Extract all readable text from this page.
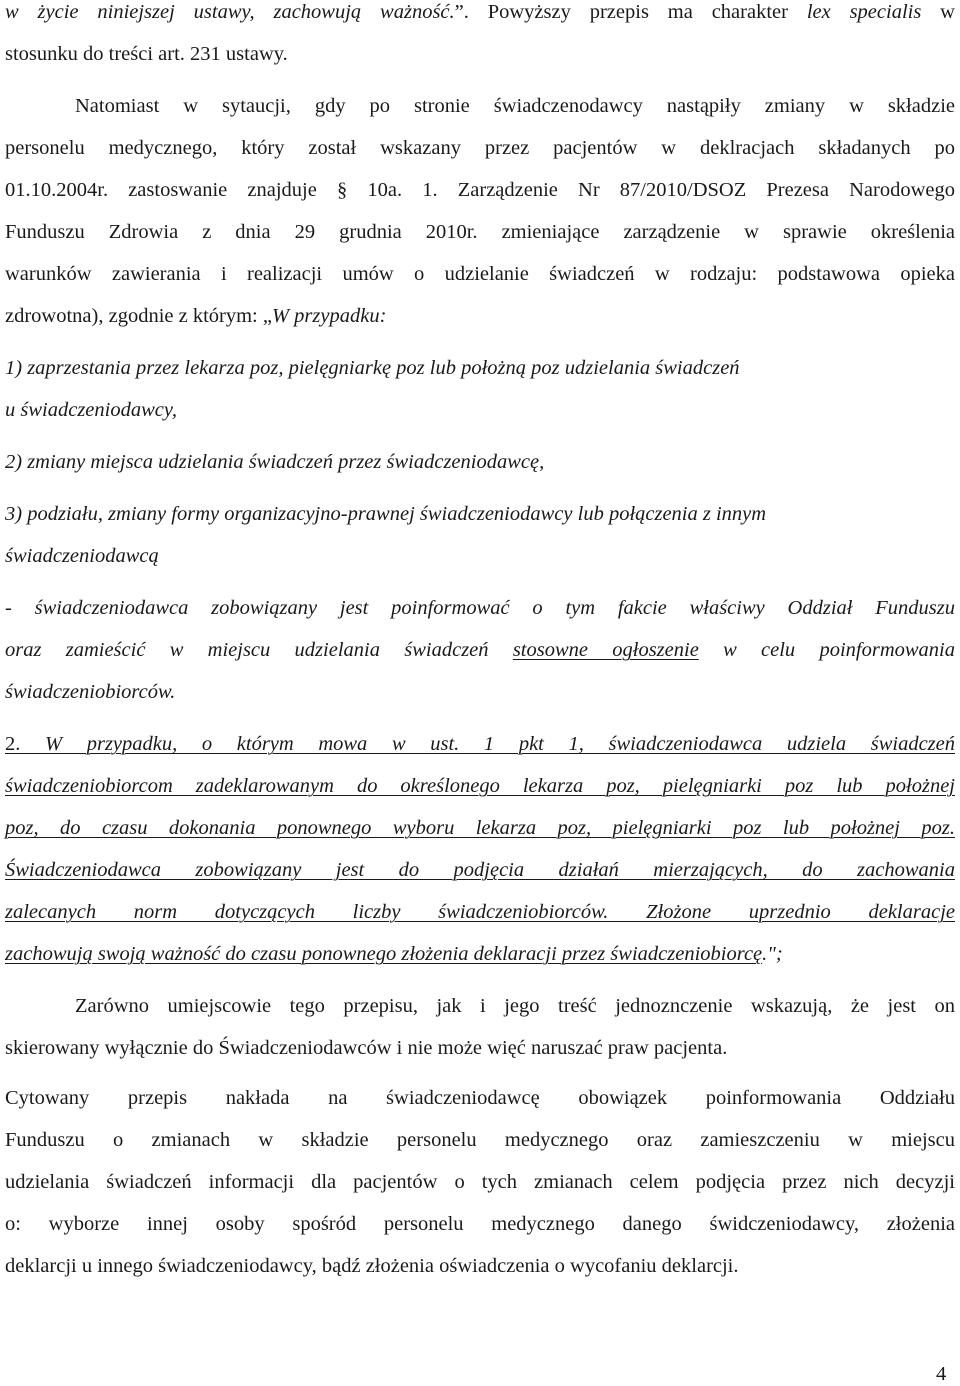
w życie niniejszej ustawy, zachowują ważność.”. Powyższy przepis ma charakter lex specialis w
stosunku do treści art. 231 ustawy.
Natomiast w sytaucji, gdy po stronie świadczenodawcy nastąpiły zmiany w składzie
personelu medycznego, który został wskazany przez pacjentów w deklracjach składanych po
01.10.2004r. zastoswanie znajduje § 10a. 1. Zarządzenie Nr 87/2010/DSOZ Prezesa Narodowego
Funduszu Zdrowia z dnia 29 grudnia 2010r. zmieniające zarządzenie w sprawie określenia
warunków zawierania i realizacji umów o udzielanie świadczeń w rodzaju: podstawowa opieka
zdrowotna), zgodnie z którym: „W przypadku:
1) zaprzestania przez lekarza poz, pielęgniarkę poz lub położną poz udzielania świadczeń
u świadczeniodawcy,
2) zmiany miejsca udzielania świadczeń przez świadczeniodawcę,
3) podziału, zmiany formy organizacyjno-prawnej świadczeniodawcy lub połączenia z innym
świadczeniodawcą
- świadczeniodawca zobowiązany jest poinformować o tym fakcie właściwy Oddział Funduszu
oraz zamieścić w miejscu udzielania świadczeń stosowne ogłoszenie w celu poinformowania
świadczeniobiorców.
2. W przypadku, o którym mowa w ust. 1 pkt 1, świadczeniodawca udziela świadczeń
świadczeniobiorcom zadeklarowanym do określonego lekarza poz, pielęgniarki poz lub położnej
poz, do czasu dokonania ponownego wyboru lekarza poz, pielęgniarki poz lub położnej poz.
Świadczeniodawca zobowiązany jest do podjęcia działań mierzających, do zachowania
zalecanych norm dotyczących liczby świadczeniobiorców. Złożone uprzednio deklaracje
zachowują swoją ważność do czasu ponownego złożenia deklaracji przez świadczeniobiorcę.";
Zarówno umiejscowie tego przepisu, jak i jego treść jednoznczenie wskazują, że jest on
skierowany wyłącznie do Świadczeniodawców i nie może więć naruszać praw pacjenta.
Cytowany przepis nakłada na świadczeniodawcę obowiązek poinformowania Oddziału
Funduszu o zmianach w składzie personelu medycznego oraz zamieszczeniu w miejscu
udzielania świadczeń informacji dla pacjentów o tych zmianach celem podjęcia przez nich decyzji
o: wyborze innej osoby spośród personelu medycznego danego świdczeniodawcy, złożenia
deklarcji u innego świadczeniodawcy, bądź złożenia oświadczenia o wycofaniu deklarcji.
4
